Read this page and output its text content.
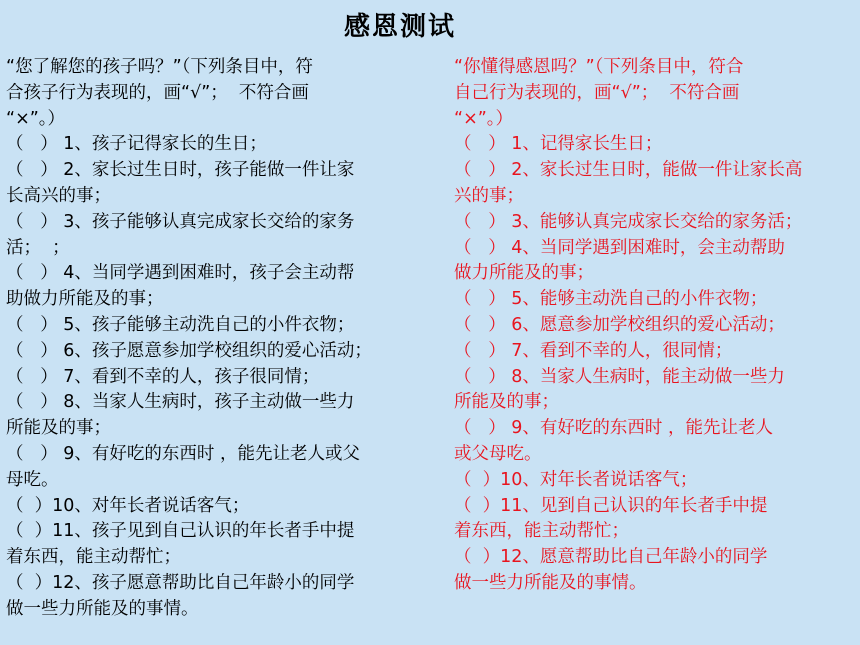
感恩测试
“您了解您的孩子吗？”（下列条目中，符
合孩子行为表现的，画“√”；  不符合画
“×”。）
（   ） 1、孩子记得家长的生日；
（   ） 2、家长过生日时，孩子能做一件让家
长高兴的事；
（   ） 3、孩子能够认真完成家长交给的家务
活；  ；
（   ） 4、当同学遇到困难时，孩子会主动帮
助做力所能及的事；
（   ） 5、孩子能够主动洗自己的小件衣物；
（   ） 6、孩子愿意参加学校组织的爱心活动；
（   ） 7、看到不幸的人，孩子很同情；
（   ） 8、当家人生病时，孩子主动做一些力
所能及的事；
（   ） 9、有好吃的东西时 ，能先让老人或父
母吃。
（  ）10、对年长者说话客气；
（  ）11、孩子见到自己认识的年长者手中提
着东西，能主动帮忙；
（  ）12、孩子愿意帮助比自己年龄小的同学
做一些力所能及的事情。
“你懂得感恩吗？”（下列条目中，符合
自己行为表现的，画“√”；  不符合画
“×”。）
（   ） 1、记得家长生日；
（   ） 2、家长过生日时，能做一件让家长高
兴的事；
（   ） 3、能够认真完成家长交给的家务活；
（   ） 4、当同学遇到困难时，会主动帮助
做力所能及的事；
（   ） 5、能够主动洗自己的小件衣物；
（   ） 6、愿意参加学校组织的爱心活动；
（   ） 7、看到不幸的人，很同情；
（   ） 8、当家人生病时，能主动做一些力
所能及的事；
（   ） 9、有好吃的东西时 ，能先让老人
或父母吃。
（  ）10、对年长者说话客气；
（  ）11、见到自己认识的年长者手中提
着东西，能主动帮忙；
（  ）12、愿意帮助比自己年龄小的同学
做一些力所能及的事情。
